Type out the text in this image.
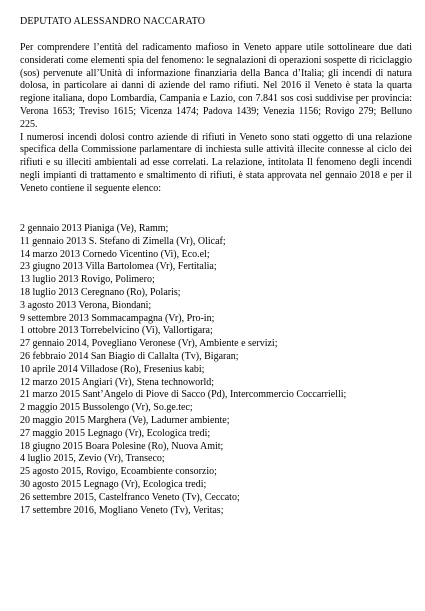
DEPUTATO ALESSANDRO NACCARATO

Per comprendere l’entità del radicamento mafioso in Veneto appare utile sottolineare due dati considerati come elementi spia del fenomeno: le segnalazioni di operazioni sospette di riciclaggio (sos) pervenute all’Unità di informazione finanziaria della Banca d’Italia; gli incendi di natura dolosa, in particolare ai danni di aziende del ramo rifiuti. Nel 2016 il Veneto è stata la quarta regione italiana, dopo Lombardia, Campania e Lazio, con 7.841 sos così suddivise per provincia: Verona 1653; Treviso 1615; Vicenza 1474; Padova 1439; Venezia 1156; Rovigo 279; Belluno 225.

I numerosi incendi dolosi contro aziende di rifiuti in Veneto sono stati oggetto di una relazione specifica della Commissione parlamentare di inchiesta sulle attività illecite connesse al ciclo dei rifiuti e su illeciti ambientali ad esse correlati. La relazione, intitolata Il fenomeno degli incendi negli impianti di trattamento e smaltimento di rifiuti, è stata approvata nel gennaio 2018 e per il Veneto contiene il seguente elenco:

2 gennaio 2013 Pianiga (Ve), Ramm;
11 gennaio 2013 S. Stefano di Zimella (Vr), Olicaf;
14 marzo 2013 Cornedo Vicentino (Vi), Eco.el;
23 giugno 2013 Villa Bartolomea (Vr), Fertitalia;
13 luglio 2013 Rovigo, Polimero;
18 luglio 2013 Ceregnano (Ro), Polaris;
3 agosto 2013 Verona, Biondani;
9 settembre 2013 Sommacampagna (Vr), Pro-in;
1 ottobre 2013 Torrebelvicino (Vi), Vallortigara;
27 gennaio 2014, Povegliano Veronese (Vr), Ambiente e servizi;
26 febbraio 2014 San Biagio di Callalta (Tv), Bigaran;
10 aprile 2014 Villadose (Ro), Fresenius kabi;
12 marzo 2015 Angiari (Vr), Stena technoworld;
21 marzo 2015 Sant’Angelo di Piove di Sacco (Pd), Intercommercio Coccarrielli;
2 maggio 2015 Bussolengo (Vr), So.ge.tec;
20 maggio 2015 Marghera (Ve), Ladurner ambiente;
27 maggio 2015 Legnago (Vr), Ecologica tredi;
18 giugno 2015 Boara Polesine (Ro), Nuova Amit;
4 luglio 2015, Zevio (Vr), Transeco;
25 agosto 2015, Rovigo, Ecoambiente consorzio;
30 agosto 2015 Legnago (Vr), Ecologica tredi;
26 settembre 2015, Castelfranco Veneto (Tv), Ceccato;
17 settembre 2016, Mogliano Veneto (Tv), Veritas;
